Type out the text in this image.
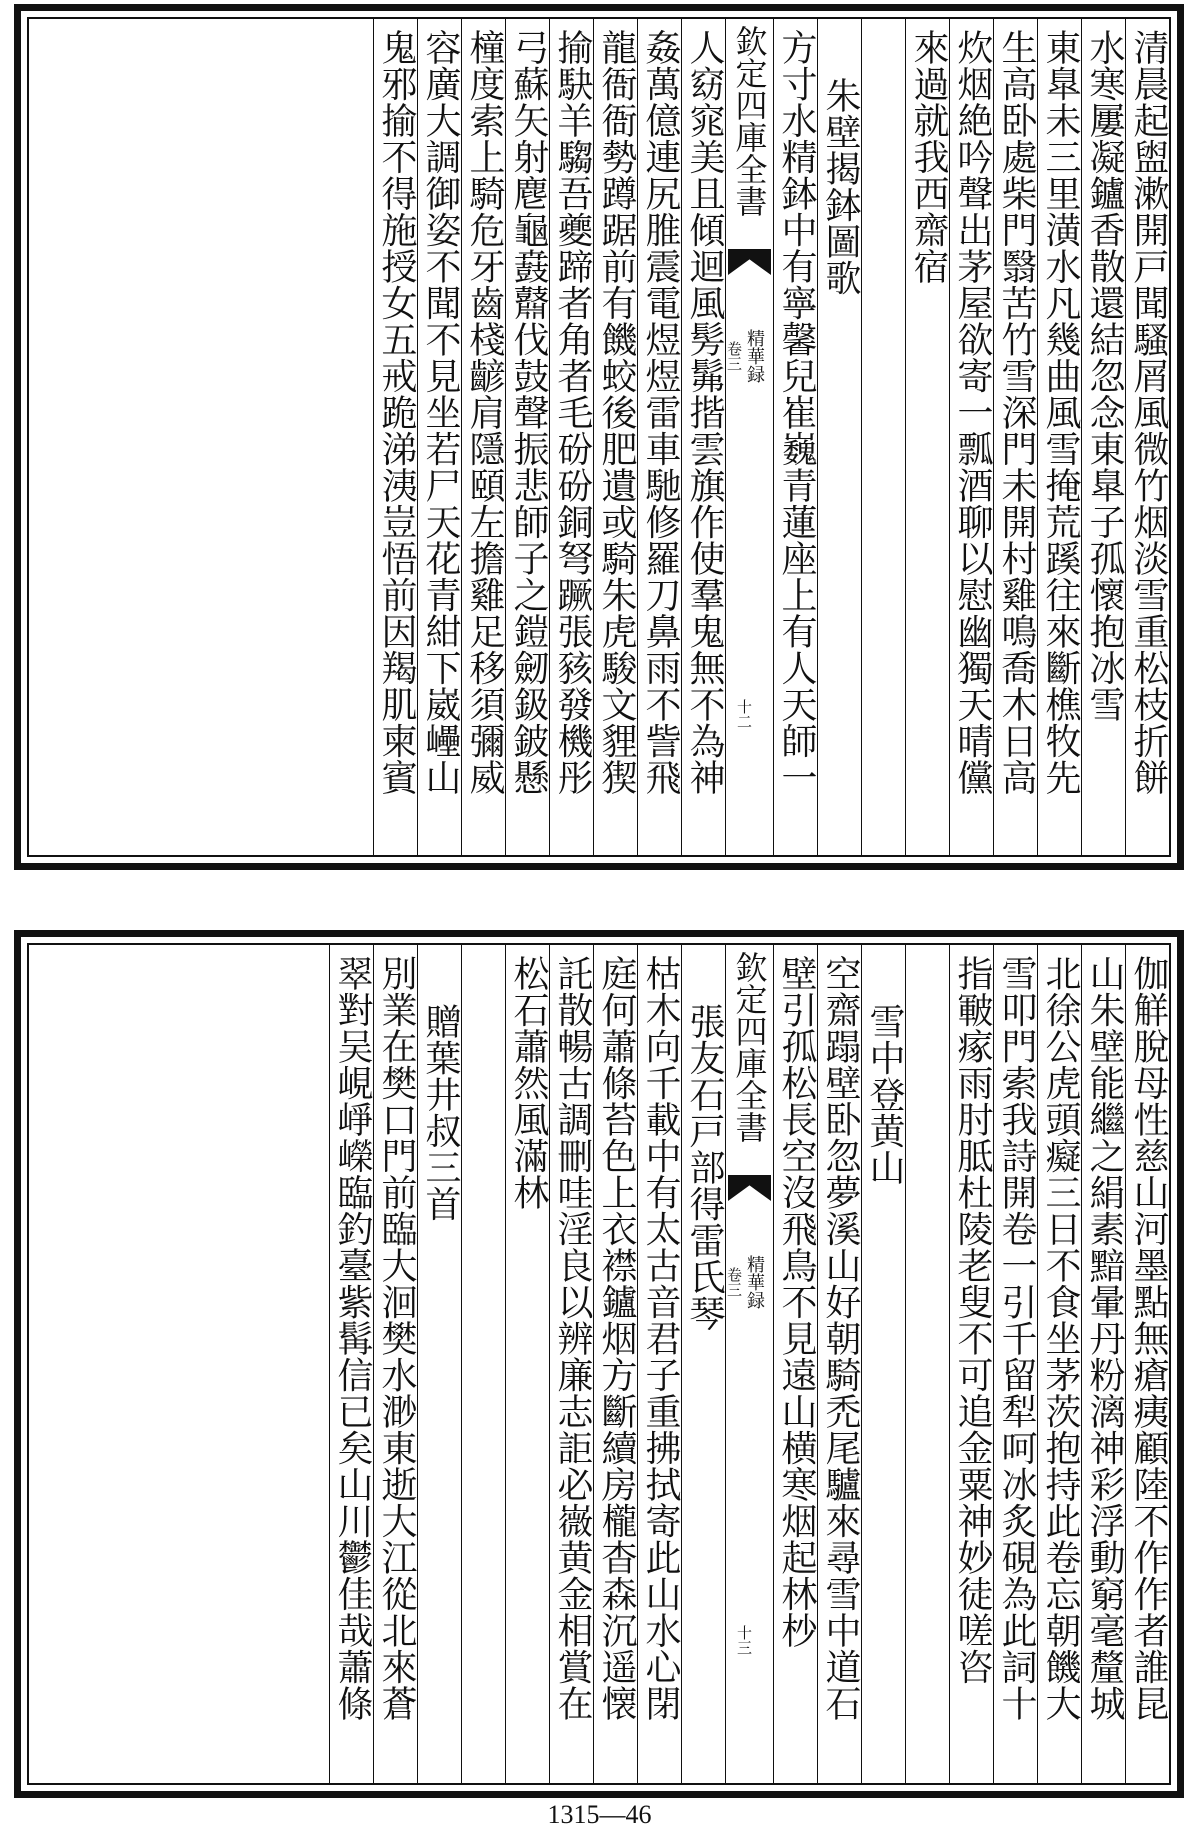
清晨起盥漱開戸聞騷屑風微竹烟淡雪重松枝折餅
水寒屢凝鑪香散還結忽念東臯子孤懷抱冰雪
東臯未三里潢水凡幾曲風雪掩荒蹊往來斷樵牧先
生高卧處柴門翳苦竹雪深門未開村雞鳴喬木日高
炊烟絶吟聲出茅屋欲寄一瓢酒聊以慰幽獨天晴儻
來過就我西齋宿
朱壁揭鉢圖歌
方寸水精鉢中有寧馨兒崔巍青蓮座上有人天師一
欽定四庫全書
精華録
卷三
十二
人窈窕美且傾迴風髣髴揩雲旗作使羣鬼無不為神
姦萬億連尻脽震電煜煜雷車馳修羅刀鼻雨不訾飛
龍衙衙勢蹲踞前有饑蛟後肥遺或騎朱虎駿文貍猰
揄駃羊騶吾夔蹄者角者毛砏砏銅弩蹶張豥發機彤
弓蘇矢射麀龜鼖鼘伐鼓聲振悲師子之鎧劒鈒鈹懸
橦度索上騎危牙齒棧齴肩隱頤左擔雞足移須彌威
容廣大調御姿不聞不見坐若尸天花青紺下崴㠥山
鬼邪揄不得施授女五戒跪涕洟豈悟前因羯肌柬賓
伽觧脫母性慈山河墨點無瘡痍顧陸不作作者誰昆
山朱壁能繼之絹素黯暈丹粉漓神彩浮動窮毫釐城
北徐公虎頭癡三日不食坐茅茨抱持此卷忘朝饑大
雪叩門索我詩開卷一引千留犁呵冰炙硯為此詞十
指皸瘃雨肘胝杜陵老叟不可追金粟神妙徒嗟咨
雪中登黄山
空齋蹋壁卧忽夢溪山好朝騎禿尾驢來尋雪中道石
壁引孤松長空沒飛鳥不見遠山横寒烟起林杪
欽定四庫全書
精華録
卷三
十三
張友石戸部得雷氏琴
枯木向千載中有太古音君子重拂拭寄此山水心閉
庭何蕭條苔色上衣襟鑪烟方斷續房櫳杳森沉遥懐
託散暢古調刪哇淫良以辨廉志詎必嶶黄金相賞在
松石蕭然風滿林
贈葉井叔三首
別業在樊口門前臨大洄樊水渺東逝大江從北來蒼
翠對吴峴崢嶸臨釣臺紫髯信已矣山川鬱佳哉蕭條
1315—46
